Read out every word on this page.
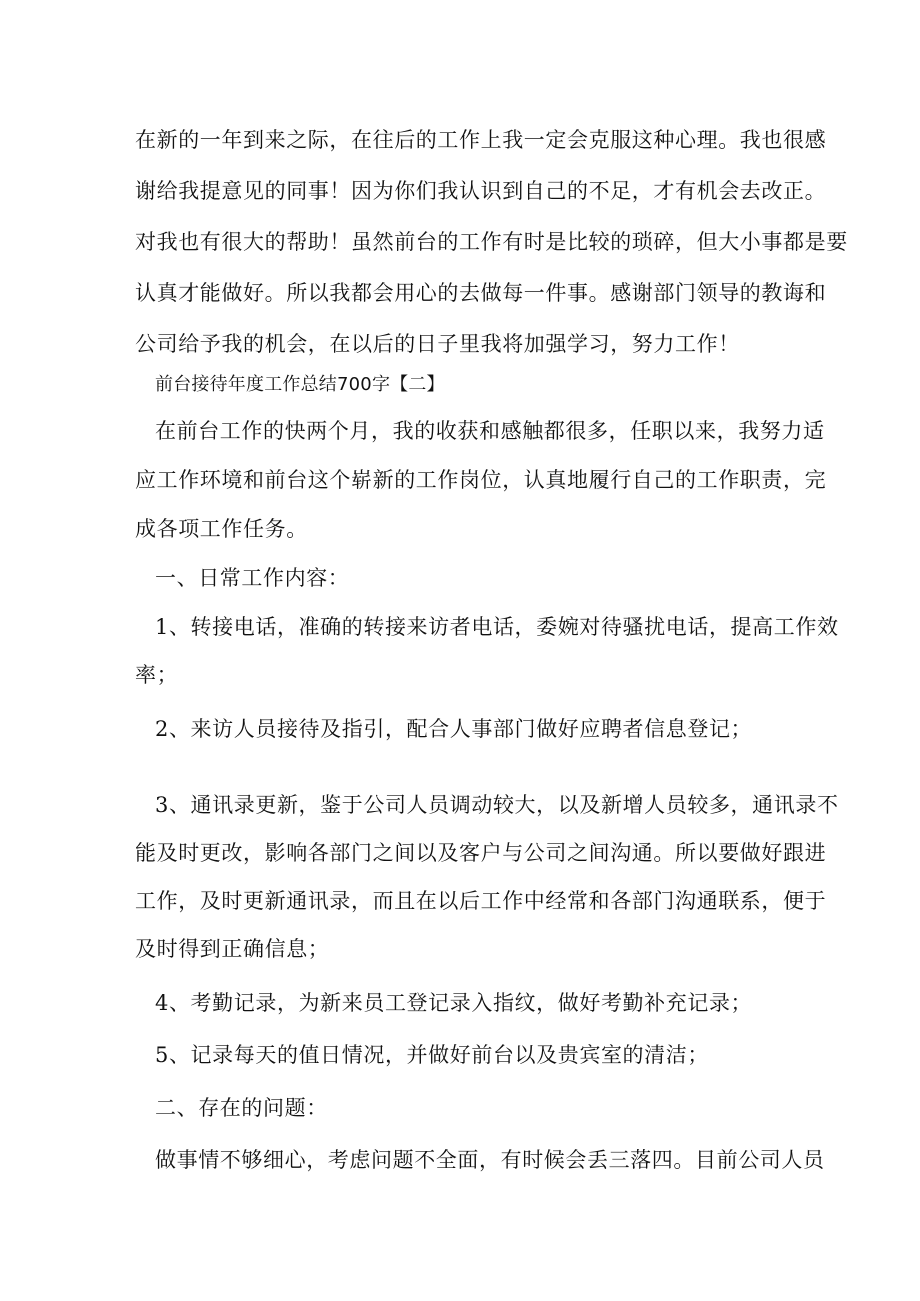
在新的一年到来之际，在往后的工作上我一定会克服这种心理。我也很感
谢给我提意见的同事！因为你们我认识到自己的不足，才有机会去改正。
对我也有很大的帮助！虽然前台的工作有时是比较的琐碎，但大小事都是要
认真才能做好。所以我都会用心的去做每一件事。感谢部门领导的教诲和
公司给予我的机会，在以后的日子里我将加强学习，努力工作！
前台接待年度工作总结700字【二】
在前台工作的快两个月，我的收获和感触都很多，任职以来，我努力适
应工作环境和前台这个崭新的工作岗位，认真地履行自己的工作职责，完
成各项工作任务。
一、日常工作内容：
1、转接电话，准确的转接来访者电话，委婉对待骚扰电话，提高工作效
率；
2、来访人员接待及指引，配合人事部门做好应聘者信息登记；
3、通讯录更新，鉴于公司人员调动较大，以及新增人员较多，通讯录不
能及时更改，影响各部门之间以及客户与公司之间沟通。所以要做好跟进
工作，及时更新通讯录，而且在以后工作中经常和各部门沟通联系，便于
及时得到正确信息；
4、考勤记录，为新来员工登记录入指纹，做好考勤补充记录；
5、记录每天的值日情况，并做好前台以及贵宾室的清洁；
二、存在的问题：
做事情不够细心，考虑问题不全面，有时候会丢三落四。目前公司人员
